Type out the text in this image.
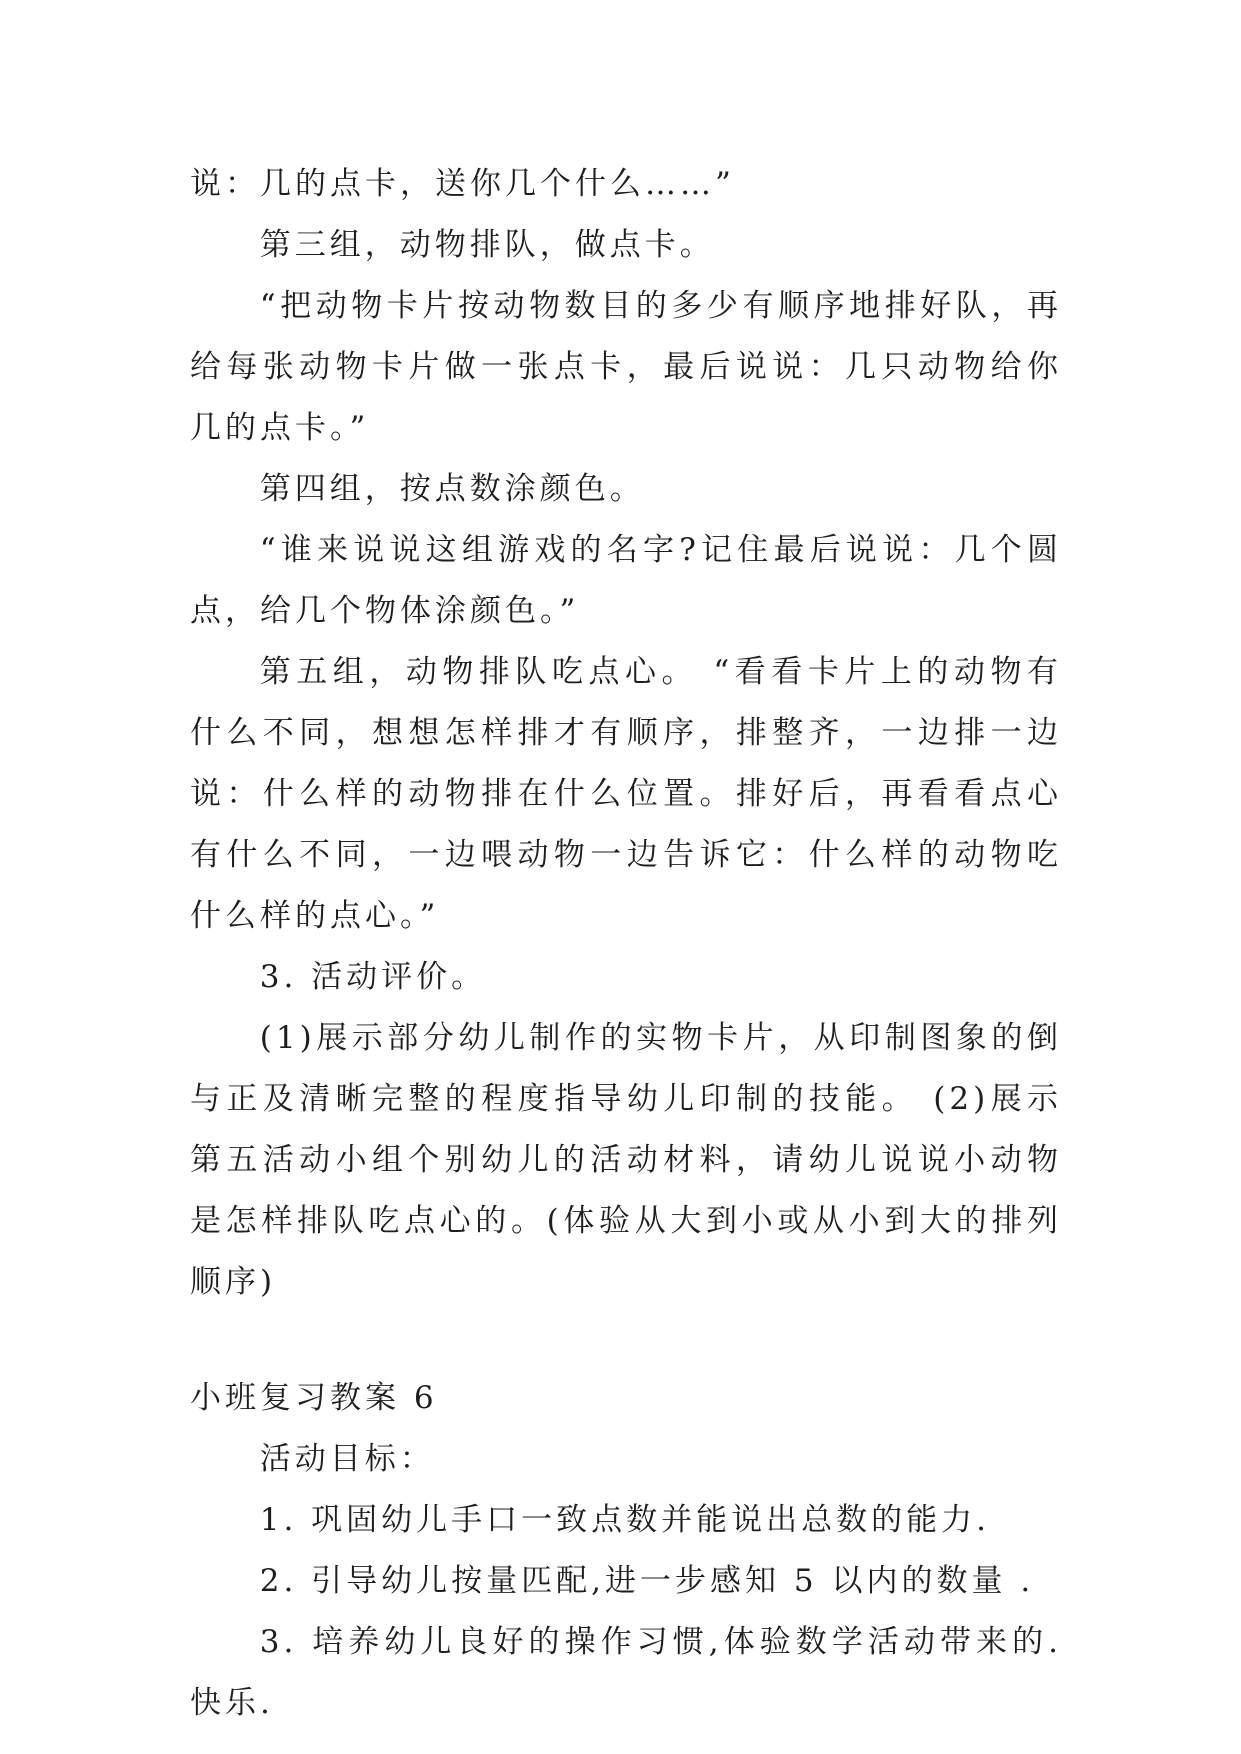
说：几的点卡，送你几个什么……”

第三组，动物排队，做点卡。

“把动物卡片按动物数目的多少有顺序地排好队，再给每张动物卡片做一张点卡，最后说说：几只动物给你几的点卡。”

第四组，按点数涂颜色。

“谁来说说这组游戏的名字?记住最后说说：几个圆点，给几个物体涂颜色。”

第五组，动物排队吃点心。 “看看卡片上的动物有什么不同，想想怎样排才有顺序，排整齐，一边排一边说：什么样的动物排在什么位置。排好后，再看看点心有什么不同，一边喂动物一边告诉它：什么样的动物吃什么样的点心。”

3. 活动评价。

(1)展示部分幼儿制作的实物卡片，从印制图象的倒与正及清晰完整的程度指导幼儿印制的技能。 (2)展示第五活动小组个别幼儿的活动材料，请幼儿说说小动物是怎样排队吃点心的。(体验从大到小或从小到大的排列顺序)

小班复习教案 6

活动目标：

1. 巩固幼儿手口一致点数并能说出总数的能力.

2. 引导幼儿按量匹配,进一步感知 5 以内的数量 .

3. 培养幼儿良好的操作习惯,体验数学活动带来的.快乐.
